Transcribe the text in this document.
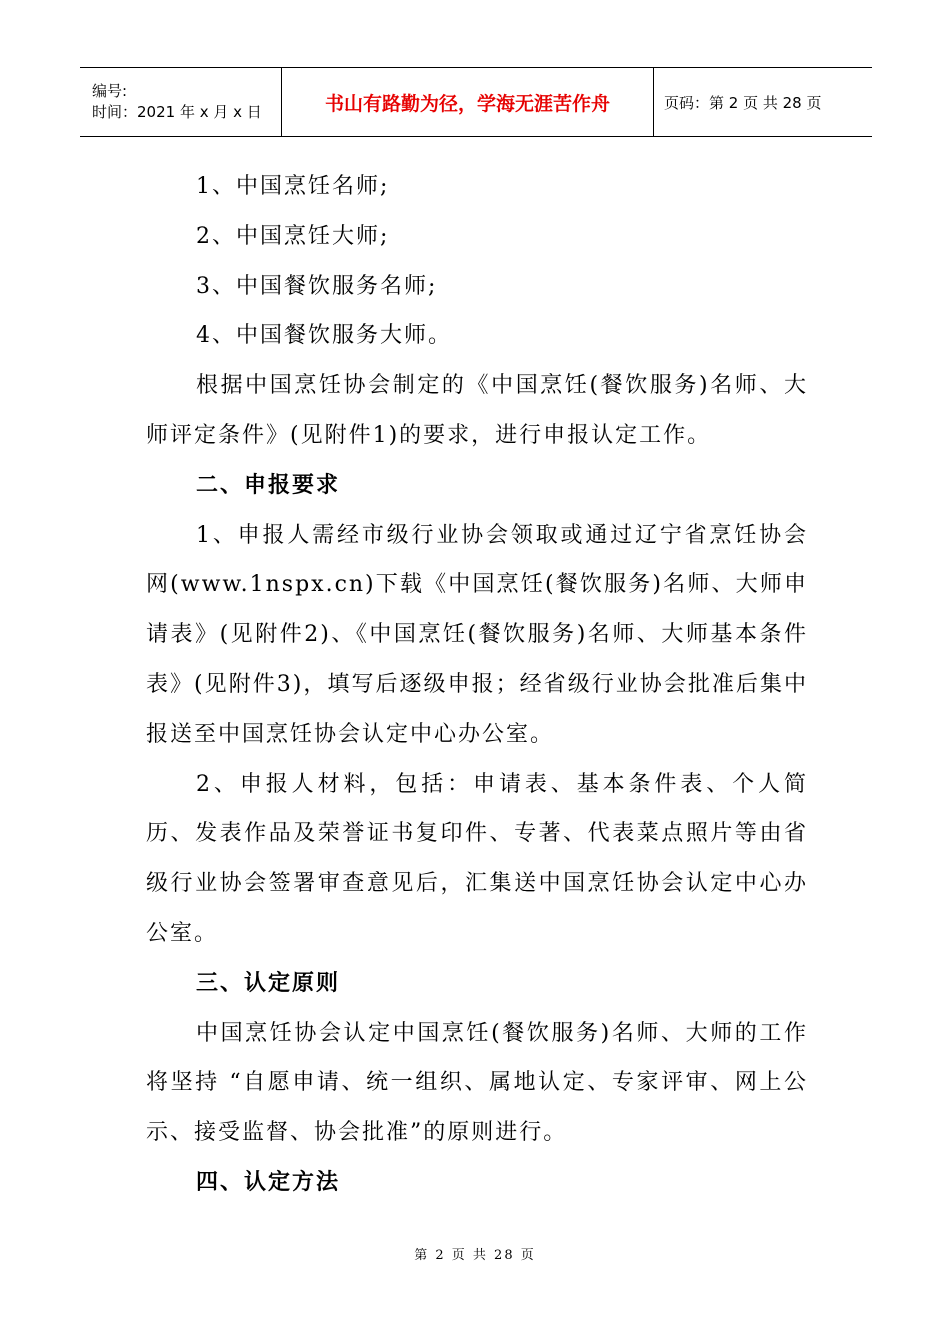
编号:
时间：2021 年 x 月 x 日	书山有路勤为径，学海无涯苦作舟	页码：第 2 页 共 28 页

1、中国烹饪名师;

2、中国烹饪大师;

3、中国餐饮服务名师;

4、中国餐饮服务大师。

根据中国烹饪协会制定的《中国烹饪(餐饮服务)名师、大师评定条件》(见附件1)的要求，进行申报认定工作。

二、申报要求

1、申报人需经市级行业协会领取或通过辽宁省烹饪协会网(www.1nspx.cn)下载《中国烹饪(餐饮服务)名师、大师申请表》(见附件2)、《中国烹饪(餐饮服务)名师、大师基本条件表》(见附件3)，填写后逐级申报；经省级行业协会批准后集中报送至中国烹饪协会认定中心办公室。

2、申报人材料，包括：申请表、基本条件表、个人简历、发表作品及荣誉证书复印件、专著、代表菜点照片等由省级行业协会签署审查意见后，汇集送中国烹饪协会认定中心办公室。

三、认定原则

中国烹饪协会认定中国烹饪(餐饮服务)名师、大师的工作将坚持 “自愿申请、统一组织、属地认定、专家评审、网上公示、接受监督、协会批准”的原则进行。

四、认定方法

第 2 页 共 28 页
